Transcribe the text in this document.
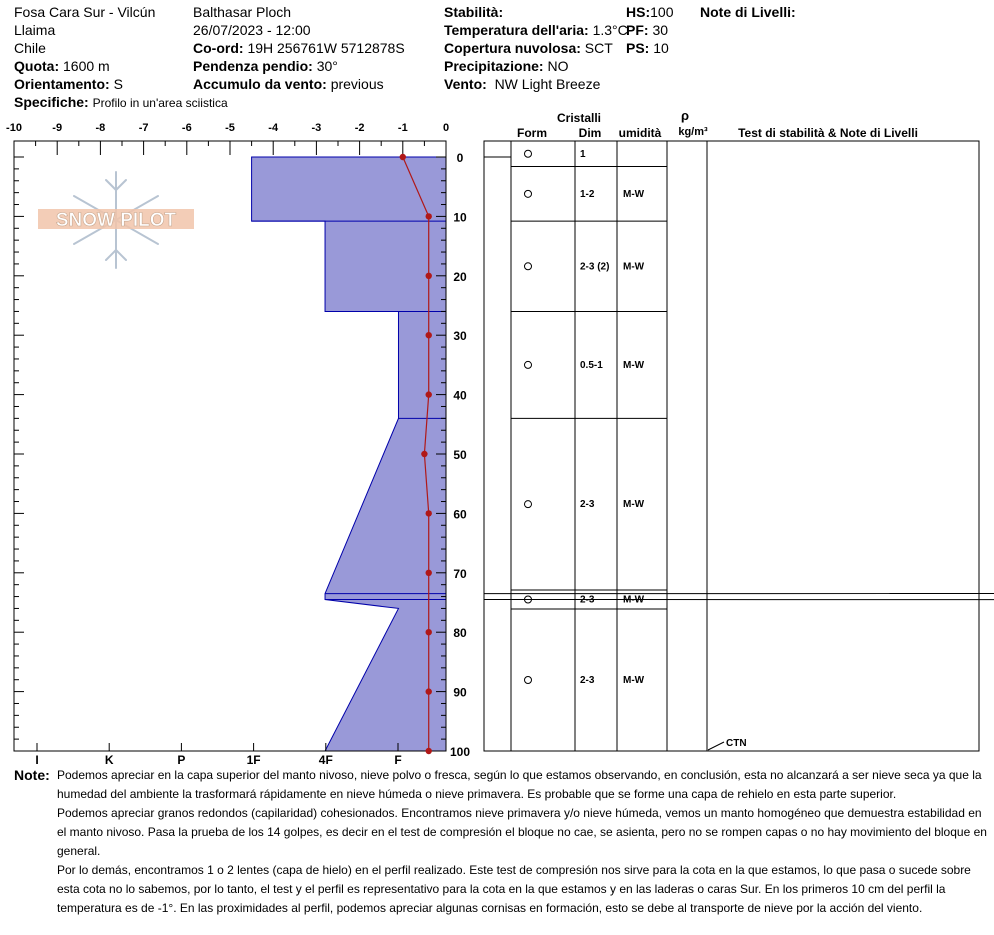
Fosa Cara Sur - Vilcún
Llaima
Chile
Quota: 1600 m
Orientamento: S
Specifiche: Profilo in un'area sciistica
Balthasar Ploch
26/07/2023 - 12:00
Co-ord: 19H 256761W 5712878S
Pendenza pendio: 30°
Accumulo da vento: previous
Stabilità:
Temperatura dell'aria: 1.3°C
Copertura nuvolosa: SCT
Precipitazione: NO
Vento: NW Light Breeze
HS:100
PF: 30
PS: 10
Note di Livelli:
SNOW PILOT
-10	-9	-8	-7	-6	-5	-4	-3	-2	-1	0
0
10
20
30
40
50
60
70
80
90
100
I	K	P	1F	4F	F
Cristalli
Form	Dim umidità
ρ
kg/m³	Test di stabilità & Note di Livelli
1
1-2	M-W
2-3 (2) M-W
0.5-1 M-W
2-3	M-W
2-3	M-W
2-3	M-W
CTN
Note: Podemos apreciar en la capa superior del manto nivoso, nieve polvo o fresca, según lo que estamos observando, en conclusión, esta no alcanzará a ser nieve seca ya que la humedad del ambiente la trasformará rápidamente en nieve húmeda o nieve primavera. Es probable que se forme una capa de rehielo en esta parte superior.

Podemos apreciar granos redondos (capilaridad) cohesionados. Encontramos nieve primavera y/o nieve húmeda, vemos un manto homogéneo que demuestra estabilidad en el manto nivoso. Pasa la prueba de los 14 golpes, es decir en el test de compresión el bloque no cae, se asienta, pero no se rompen capas o no hay movimiento del bloque en general.

Por lo demás, encontramos 1 o 2 lentes (capa de hielo) en el perfil realizado. Este test de compresión nos sirve para la cota en la que estamos, lo que pasa o sucede sobre esta cota no lo sabemos, por lo tanto, el test y el perfil es representativo para la cota en la que estamos y en las laderas o caras Sur. En los primeros 10 cm del perfil la temperatura es de -1°. En las proximidades al perfil, podemos apreciar algunas cornisas en formación, esto se debe al transporte de nieve por la acción del viento.
